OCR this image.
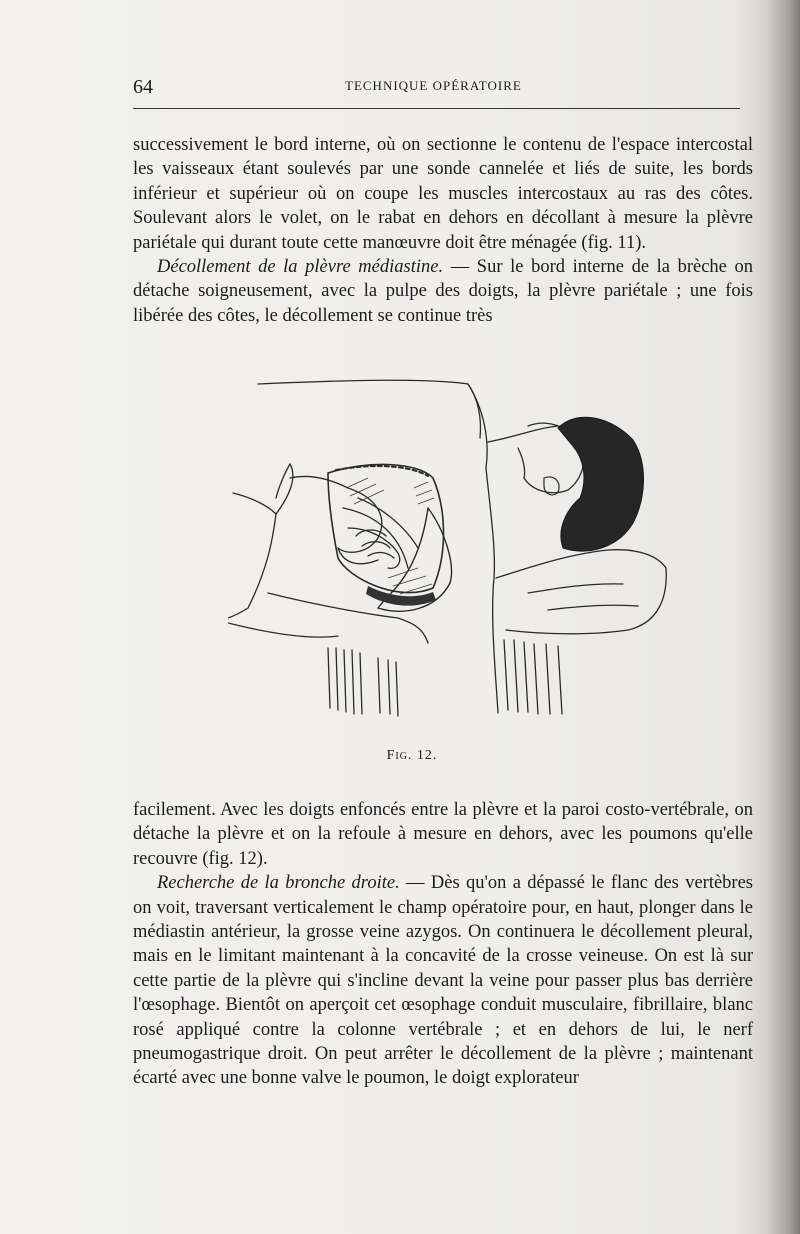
64	TECHNIQUE OPÉRATOIRE

successivement le bord interne, où on sectionne le contenu de l'espace intercostal les vaisseaux étant soulevés par une sonde cannelée et liés de suite, les bords inférieur et supérieur où on coupe les muscles intercostaux au ras des côtes. Soulevant alors le volet, on le rabat en dehors en décollant à mesure la plèvre pariétale qui durant toute cette manœuvre doit être ménagée (fig. 11).

Décollement de la plèvre médiastine. — Sur le bord interne de la brèche on détache soigneusement, avec la pulpe des doigts, la plèvre pariétale ; une fois libérée des côtes, le décollement se continue très

Fig. 12.

facilement. Avec les doigts enfoncés entre la plèvre et la paroi costo-vertébrale, on détache la plèvre et on la refoule à mesure en dehors, avec les poumons qu'elle recouvre (fig. 12).

Recherche de la bronche droite. — Dès qu'on a dépassé le flanc des vertèbres on voit, traversant verticalement le champ opératoire pour, en haut, plonger dans le médiastin antérieur, la grosse veine azygos. On continuera le décollement pleural, mais en le limitant maintenant à la concavité de la crosse veineuse. On est là sur cette partie de la plèvre qui s'incline devant la veine pour passer plus bas derrière l'œsophage. Bientôt on aperçoit cet œsophage conduit musculaire, fibrillaire, blanc rosé appliqué contre la colonne vertébrale ; et en dehors de lui, le nerf pneumogastrique droit. On peut arrêter le décollement de la plèvre ; maintenant écarté avec une bonne valve le poumon, le doigt explorateur
